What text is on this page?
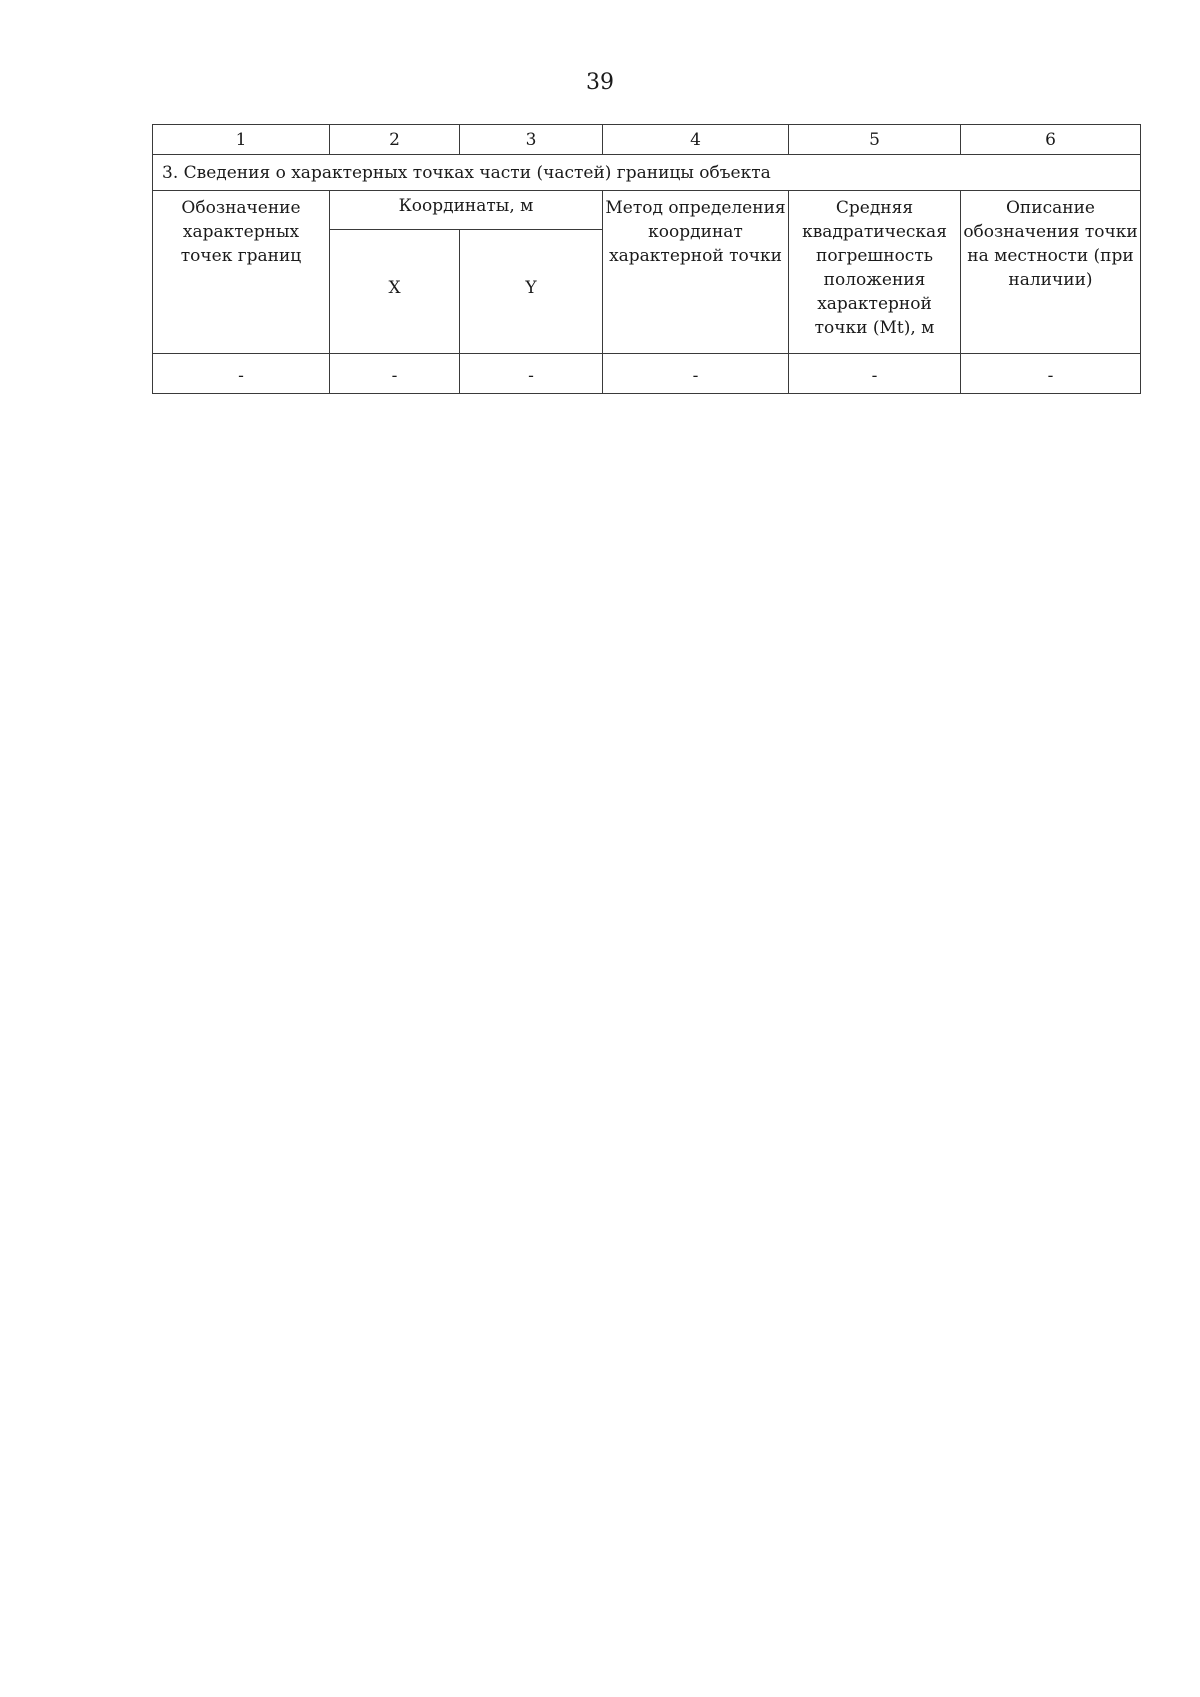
39
1	2	3	4	5	6
3. Сведения о характерных точках части (частей) границы объекта					
Обозначение характерных точек границ	Координаты, м		Метод определения координат характерной точки	Средняя квадратическая погрешность положения характерной точки (Mt), м	Описание обозначения точки на местности (при наличии)
	X	Y			
-	-	-	-	-	-
